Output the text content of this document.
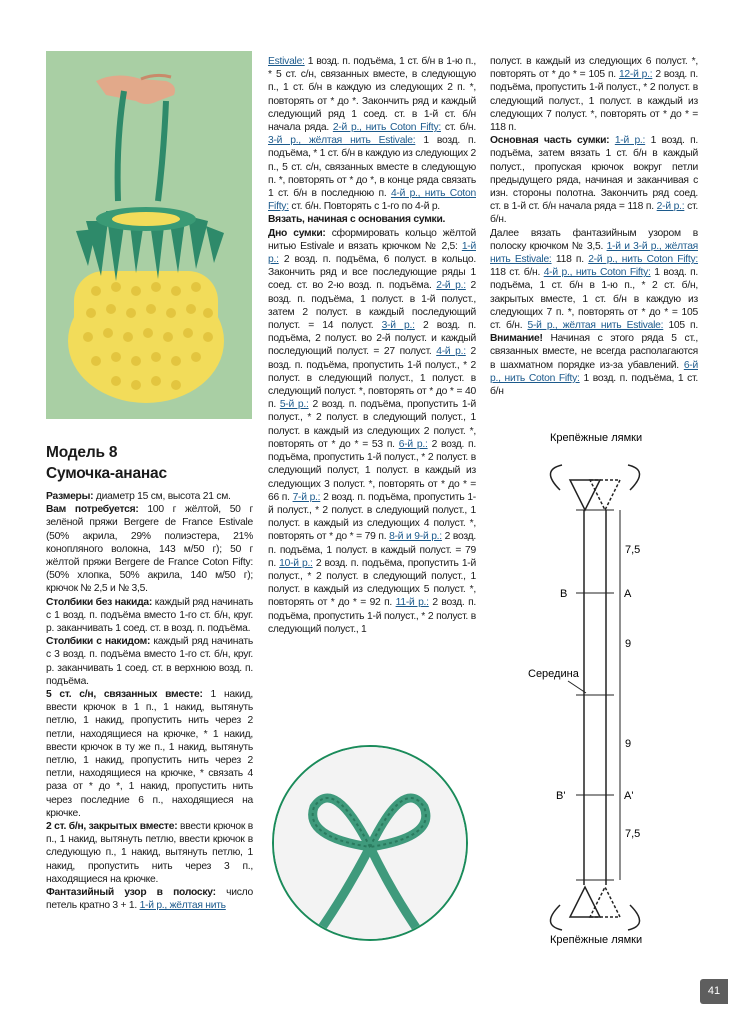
Модель 8
Сумочка-ананас

Размеры: диаметр 15 см, высота 21 см.

Вам потребуется: 100 г жёлтой, 50 г зелёной пряжи Bergere de France Estivale (50% акрила, 29% полиэстера, 21% конопляного волокна, 143 м/50 г); 50 г жёлтой пряжи Bergere de France Coton Fifty: (50% хлопка, 50% акрила, 140 м/50 г); крючок № 2,5 и № 3,5.

Столбики без накида: каждый ряд начинать с 1 возд. п. подъёма вместо 1-го ст. б/н, круг. р. заканчивать 1 соед. ст. в возд. п. подъёма.

Столбики с накидом: каждый ряд начинать с 3 возд. п. подъёма вместо 1-го ст. б/н, круг. р. заканчивать 1 соед. ст. в верхнюю возд. п. подъёма.

5 ст. с/н, связанных вместе: 1 накид, ввести крючок в 1 п., 1 накид, вытянуть петлю, 1 накид, пропустить нить через 2 петли, находящиеся на крючке, * 1 накид, ввести крючок в ту же п., 1 накид, вытянуть петлю, 1 накид, пропустить нить через 2 петли, находящиеся на крючке, * связать 4 раза от * до *, 1 накид, пропустить нить через последние 6 п., находящиеся на крючке.

2 ст. б/н, закрытых вместе: ввести крючок в п., 1 накид, вытянуть петлю, ввести крючок в следующую п., 1 накид, вытянуть петлю, 1 накид, пропустить нить через 3 п., находящиеся на крючке.

Фантазийный узор в полоску: число петель кратно 3 + 1. 1-й р., жёлтая нить

Estivale: 1 возд. п. подъёма, 1 ст. б/н в 1-ю п., * 5 ст. с/н, связанных вместе, в следующую п., 1 ст. б/н в каждую из следующих 2 п. *, повторять от * до *. Закончить ряд и каждый следующий ряд 1 соед. ст. в 1-й ст. б/н начала ряда. 2-й р., нить Coton Fifty: ст. б/н. 3-й р., жёлтая нить Estivale: 1 возд. п. подъёма, * 1 ст. б/н в каждую из следующих 2 п., 5 ст. с/н, связанных вместе в следующую п. *, повторять от * до *, в конце ряда связать 1 ст. б/н в последнюю п. 4-й р., нить Coton Fifty: ст. б/н. Повторять с 1-го по 4-й р.

Вязать, начиная с основания сумки.

Дно сумки: сформировать кольцо жёлтой нитью Estivale и вязать крючком № 2,5: 1-й р.: 2 возд. п. подъёма, 6 полуст. в кольцо. Закончить ряд и все последующие ряды 1 соед. ст. во 2-ю возд. п. подъёма. 2-й р.: 2 возд. п. подъёма, 1 полуст. в 1-й полуст., затем 2 полуст. в каждый последующий полуст. = 14 полуст. 3-й р.: 2 возд. п. подъёма, 2 полуст. во 2-й полуст. и каждый последующий полуст. = 27 полуст. 4-й р.: 2 возд. п. подъёма, пропустить 1-й полуст., * 2 полуст. в следующий полуст., 1 полуст. в следующий полуст. *, повторять от * до * = 40 п. 5-й р.: 2 возд. п. подъёма, пропустить 1-й полуст., * 2 полуст. в следующий полуст., 1 полуст. в каждый из следующих 2 полуст. *, повторять от * до * = 53 п. 6-й р.: 2 возд. п. подъёма, пропустить 1-й полуст., * 2 полуст. в следующий полуст, 1 полуст. в каждый из следующих 3 полуст. *, повторять от * до * = 66 п. 7-й р.: 2 возд. п. подъёма, пропустить 1-й полуст., * 2 полуст. в следующий полуст., 1 полуст. в каждый из следующих 4 полуст. *, повторять от * до * = 79 п. 8-й и 9-й р.: 2 возд. п. подъёма, 1 полуст. в каждый полуст. = 79 п. 10-й р.: 2 возд. п. подъёма, пропустить 1-й полуст., * 2 полуст. в следующий полуст., 1 полуст. в каждый из следующих 5 полуст. *, повторять от * до * = 92 п. 11-й р.: 2 возд. п. подъёма, пропустить 1-й полуст., * 2 полуст. в следующий полуст., 1

полуст. в каждый из следующих 6 полуст. *, повторять от * до * = 105 п. 12-й р.: 2 возд. п. подъёма, пропустить 1-й полуст., * 2 полуст. в следующий полуст., 1 полуст. в каждый из следующих 7 полуст. *, повторять от * до * = 118 п.

Основная часть сумки: 1-й р.: 1 возд. п. подъёма, затем вязать 1 ст. б/н в каждый полуст., пропуская крючок вокруг петли предыдущего ряда, начиная и заканчивая с изн. стороны полотна. Закончить ряд соед. ст. в 1-й ст. б/н начала ряда = 118 п. 2-й р.: ст. б/н.

Далее вязать фантазийным узором в полоску крючком № 3,5. 1-й и 3-й р., жёлтая нить Estivale: 118 п. 2-й р., нить Coton Fifty: 118 ст. б/н. 4-й р., нить Coton Fifty: 1 возд. п. подъёма, 1 ст. б/н в 1-ю п., * 2 ст. б/н, закрытых вместе, 1 ст. б/н в каждую из следующих 7 п. *, повторять от * до * = 105 ст. б/н. 5-й р., жёлтая нить Estivale: 105 п. Внимание! Начиная с этого ряда 5 ст., связанных вместе, не всегда располагаются в шахматном порядке из-за убавлений. 6-й р., нить Coton Fifty: 1 возд. п. подъёма, 1 ст. б/н

Крепёжные лямки
7,5
9
9
7,5
B	A
B'	A'
Середина
Крепёжные лямки
41
